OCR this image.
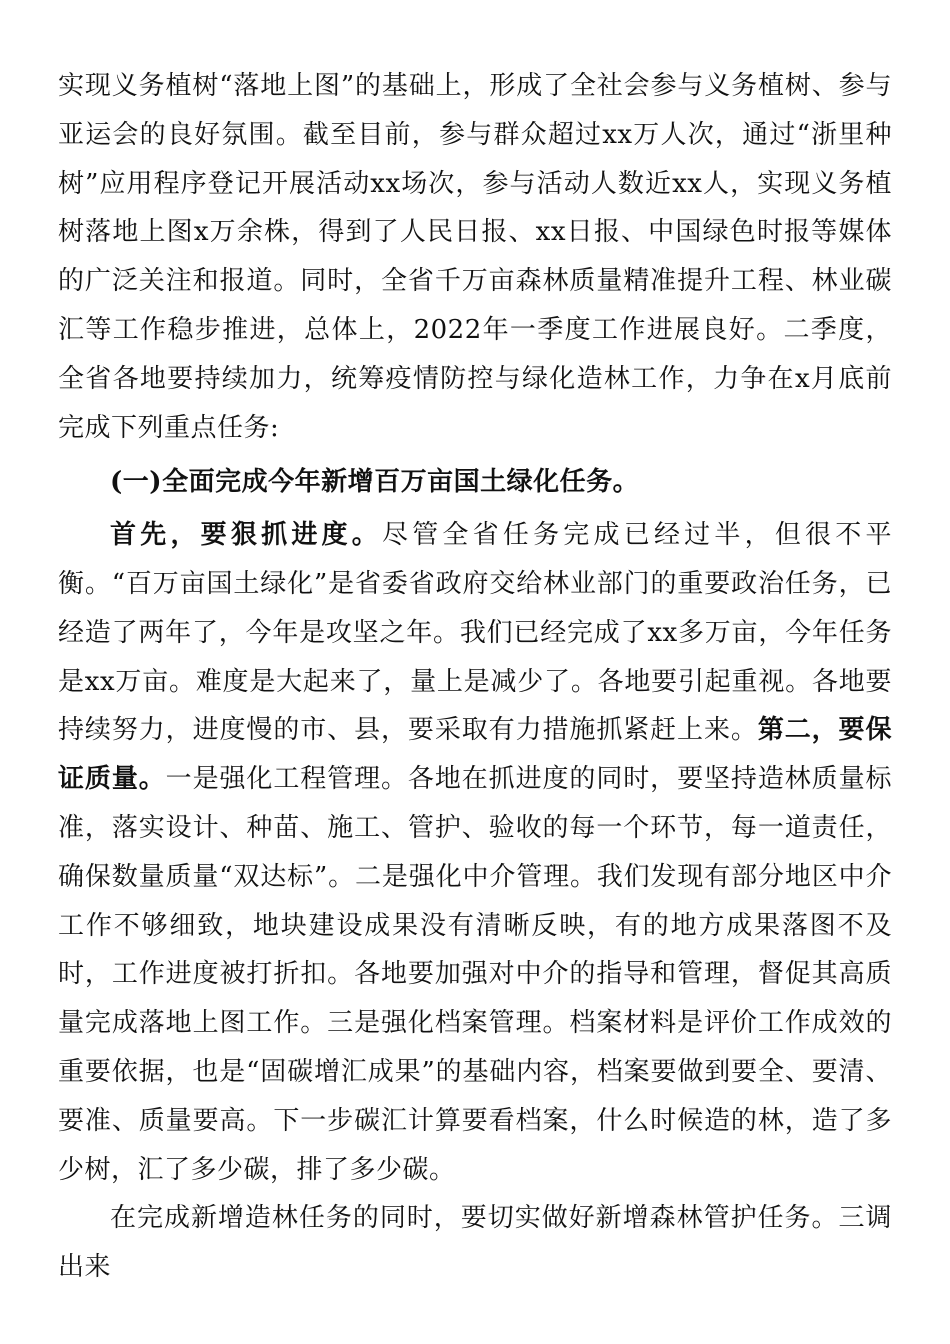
实现义务植树“落地上图”的基础上，形成了全社会参与义务植树、参与亚运会的良好氛围。截至目前，参与群众超过xx万人次，通过“浙里种树”应用程序登记开展活动xx场次，参与活动人数近xx人，实现义务植树落地上图x万余株，得到了人民日报、xx日报、中国绿色时报等媒体的广泛关注和报道。同时，全省千万亩森林质量精准提升工程、林业碳汇等工作稳步推进，总体上，2022年一季度工作进展良好。二季度，全省各地要持续加力，统筹疫情防控与绿化造林工作，力争在x月底前完成下列重点任务:

(一)全面完成今年新增百万亩国土绿化任务。

首先，要狠抓进度。尽管全省任务完成已经过半，但很不平衡。“百万亩国土绿化”是省委省政府交给林业部门的重要政治任务，已经造了两年了，今年是攻坚之年。我们已经完成了xx多万亩，今年任务是xx万亩。难度是大起来了，量上是减少了。各地要引起重视。各地要持续努力，进度慢的市、县，要采取有力措施抓紧赶上来。第二，要保证质量。一是强化工程管理。各地在抓进度的同时，要坚持造林质量标准，落实设计、种苗、施工、管护、验收的每一个环节，每一道责任，确保数量质量“双达标”。二是强化中介管理。我们发现有部分地区中介工作不够细致，地块建设成果没有清晰反映，有的地方成果落图不及时，工作进度被打折扣。各地要加强对中介的指导和管理，督促其高质量完成落地上图工作。三是强化档案管理。档案材料是评价工作成效的重要依据，也是“固碳增汇成果”的基础内容，档案要做到要全、要清、要准、质量要高。下一步碳汇计算要看档案，什么时候造的林，造了多少树，汇了多少碳，排了多少碳。

在完成新增造林任务的同时，要切实做好新增森林管护任务。三调出来
